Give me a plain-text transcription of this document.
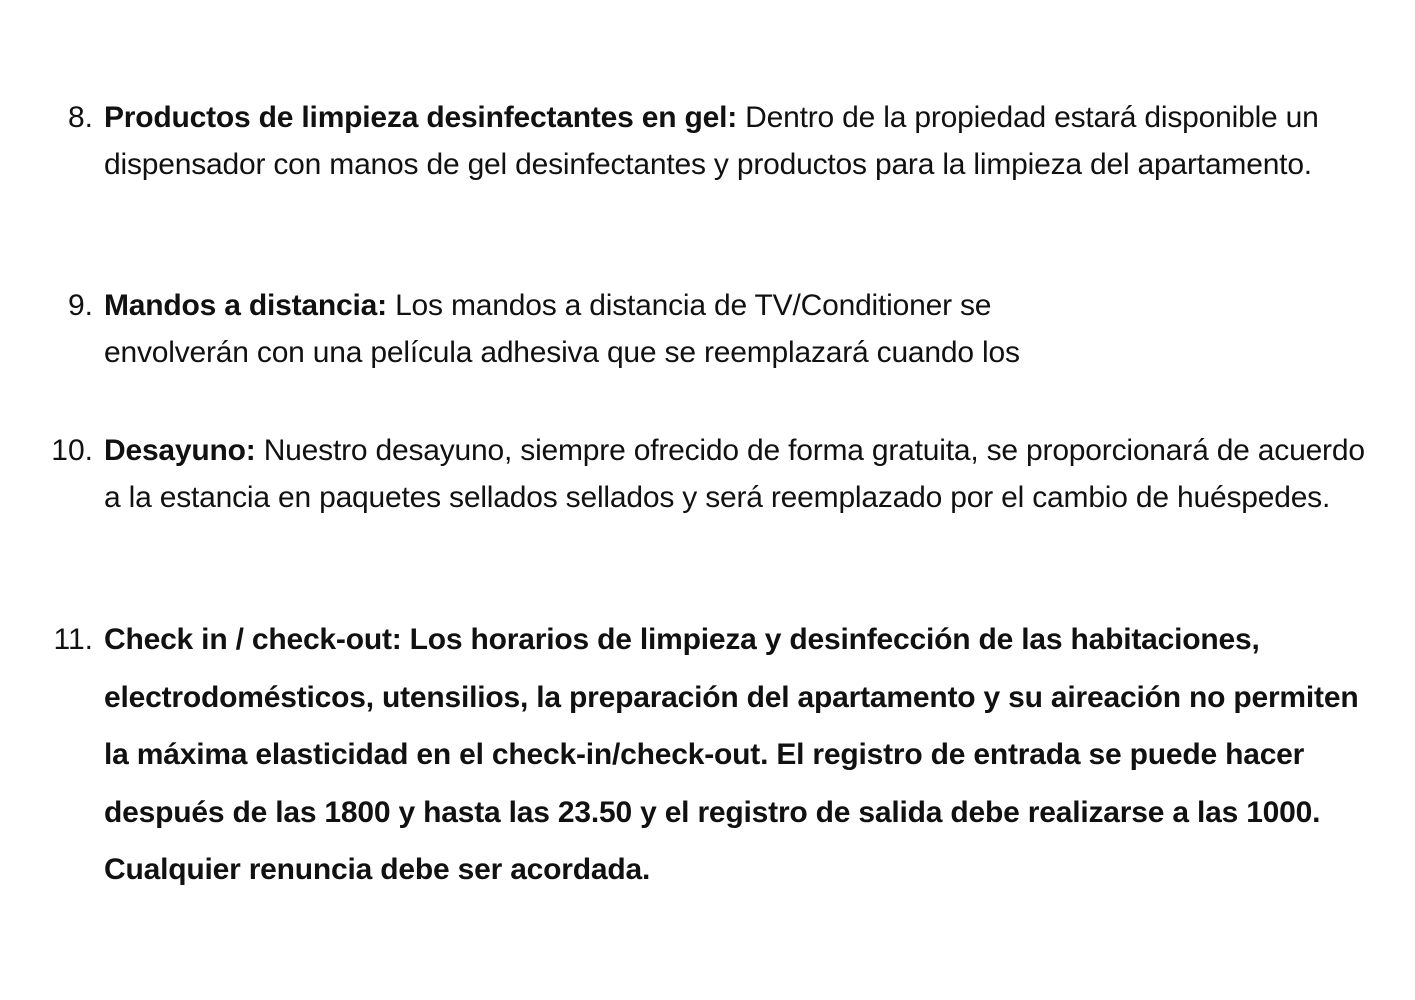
8. Productos de limpieza desinfectantes en gel: Dentro de la propiedad estará disponible un dispensador con manos de gel desinfectantes y productos para la limpieza del apartamento.
9. Mandos a distancia: Los mandos a distancia de TV/Conditioner se envolverán con una película adhesiva que se reemplazará cuando los
10. Desayuno: Nuestro desayuno, siempre ofrecido de forma gratuita, se proporcionará de acuerdo a la estancia en paquetes sellados sellados y será reemplazado por el cambio de huéspedes.
11. Check in / check-out: Los horarios de limpieza y desinfección de las habitaciones, electrodomésticos, utensilios, la preparación del apartamento y su aireación no permiten la máxima elasticidad en el check-in/check-out. El registro de entrada se puede hacer después de las 1800 y hasta las 23.50 y el registro de salida debe realizarse a las 1000. Cualquier renuncia debe ser acordada.
